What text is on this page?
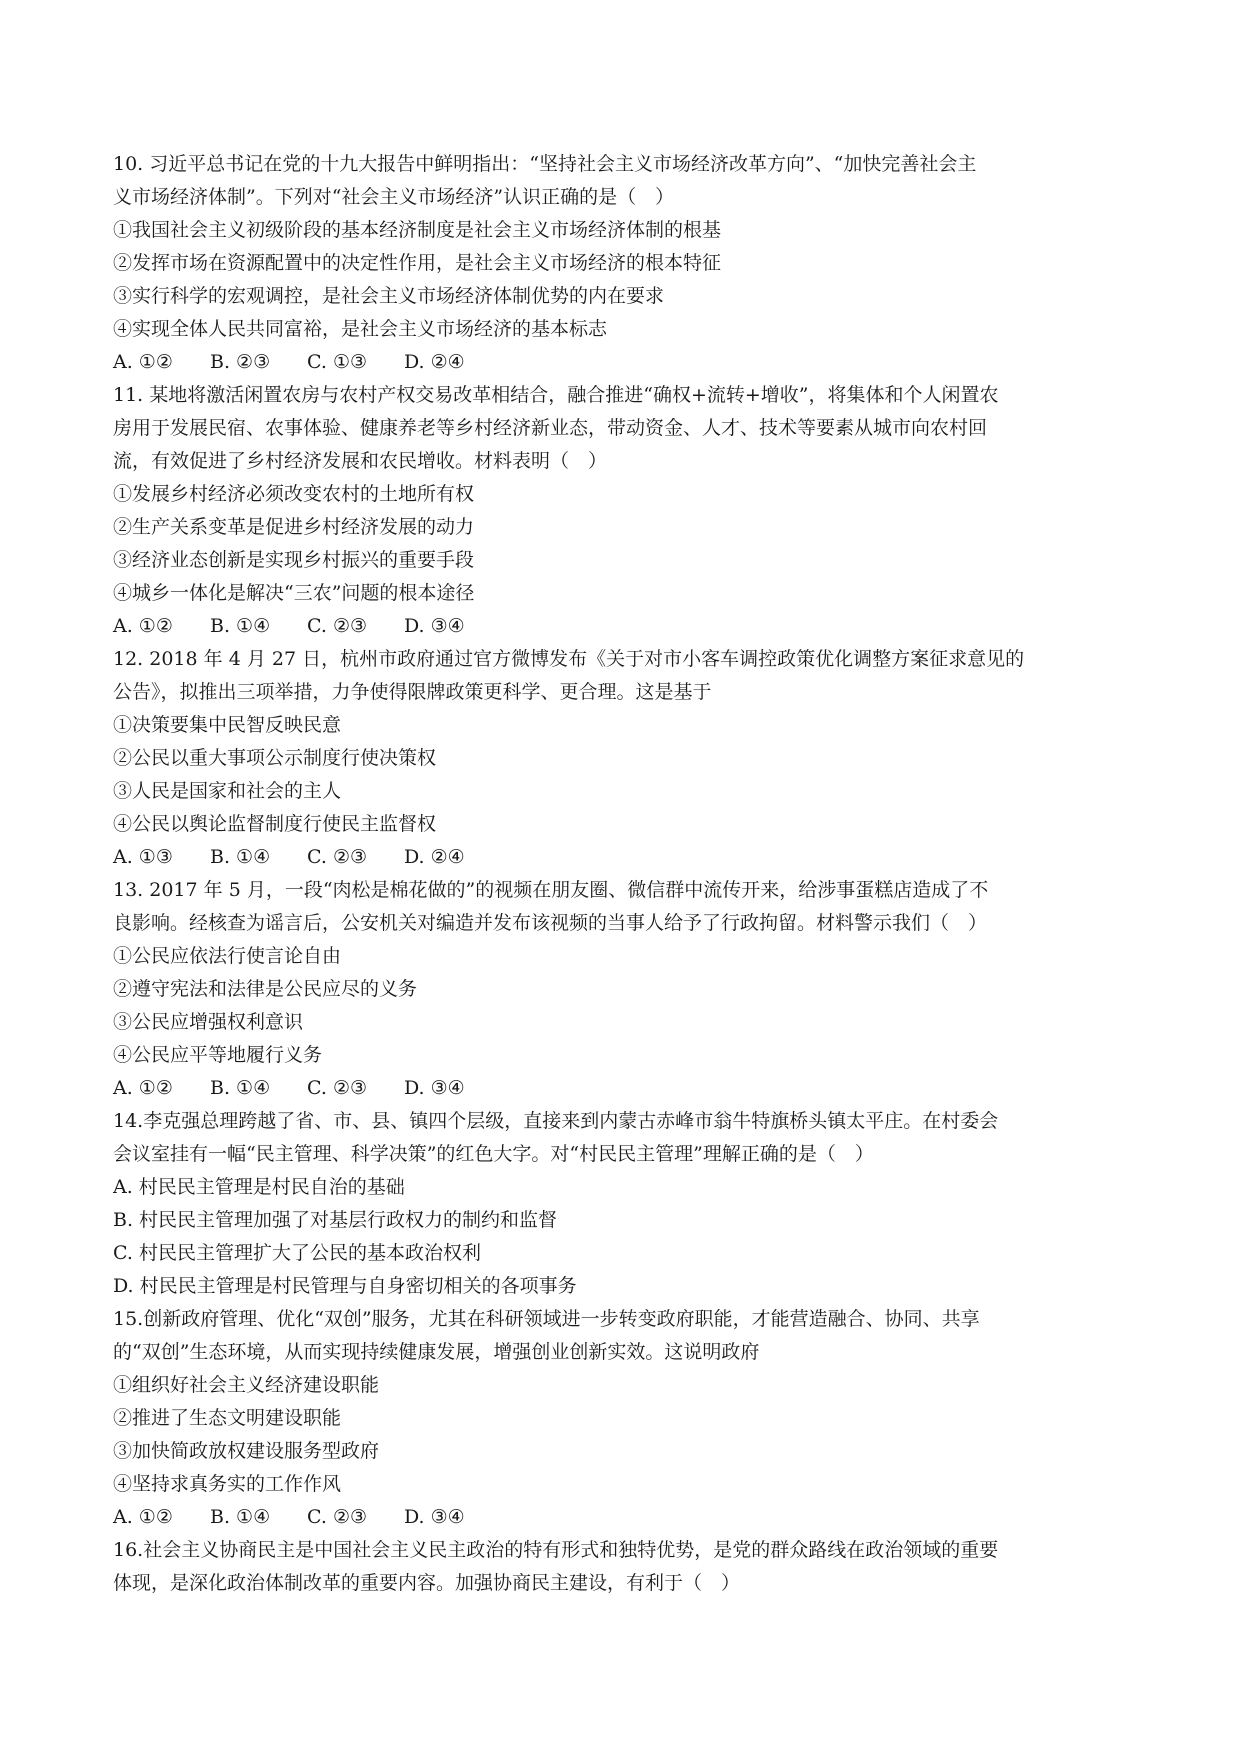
10. 习近平总书记在党的十九大报告中鲜明指出：“坚持社会主义市场经济改革方向”、“加快完善社会主
义市场经济体制”。下列对“社会主义市场经济”认识正确的是（　）
①我国社会主义初级阶段的基本经济制度是社会主义市场经济体制的根基
②发挥市场在资源配置中的决定性作用，是社会主义市场经济的根本特征
③实行科学的宏观调控，是社会主义市场经济体制优势的内在要求
④实现全体人民共同富裕，是社会主义市场经济的基本标志
A. ①②	B. ②③	C. ①③	D. ②④
11. 某地将激活闲置农房与农村产权交易改革相结合，融合推进“确权+流转+增收”，将集体和个人闲置农
房用于发展民宿、农事体验、健康养老等乡村经济新业态，带动资金、人才、技术等要素从城市向农村回
流，有效促进了乡村经济发展和农民增收。材料表明（　）
①发展乡村经济必须改变农村的土地所有权
②生产关系变革是促进乡村经济发展的动力
③经济业态创新是实现乡村振兴的重要手段
④城乡一体化是解决“三农”问题的根本途径
A. ①②	B. ①④	C. ②③	D. ③④
12. 2018 年 4 月 27 日，杭州市政府通过官方微博发布《关于对市小客车调控政策优化调整方案征求意见的
公告》，拟推出三项举措，力争使得限牌政策更科学、更合理。这是基于
①决策要集中民智反映民意
②公民以重大事项公示制度行使决策权
③人民是国家和社会的主人
④公民以舆论监督制度行使民主监督权
A. ①③	B. ①④	C. ②③	D. ②④
13. 2017 年 5 月，一段“肉松是棉花做的”的视频在朋友圈、微信群中流传开来，给涉事蛋糕店造成了不
良影响。经核查为谣言后，公安机关对编造并发布该视频的当事人给予了行政拘留。材料警示我们（　）
①公民应依法行使言论自由
②遵守宪法和法律是公民应尽的义务
③公民应增强权利意识
④公民应平等地履行义务
A. ①②	B. ①④	C. ②③	D. ③④
14.李克强总理跨越了省、市、县、镇四个层级，直接来到内蒙古赤峰市翁牛特旗桥头镇太平庄。在村委会
会议室挂有一幅“民主管理、科学决策”的红色大字。对“村民民主管理”理解正确的是（　）
A. 村民民主管理是村民自治的基础
B. 村民民主管理加强了对基层行政权力的制约和监督
C. 村民民主管理扩大了公民的基本政治权利
D. 村民民主管理是村民管理与自身密切相关的各项事务
15.创新政府管理、优化“双创”服务，尤其在科研领域进一步转变政府职能，才能营造融合、协同、共享
的“双创”生态环境，从而实现持续健康发展，增强创业创新实效。这说明政府
①组织好社会主义经济建设职能
②推进了生态文明建设职能
③加快简政放权建设服务型政府
④坚持求真务实的工作作风
A. ①②	B. ①④	C. ②③	D. ③④
16.社会主义协商民主是中国社会主义民主政治的特有形式和独特优势，是党的群众路线在政治领域的重要
体现，是深化政治体制改革的重要内容。加强协商民主建设，有利于（　）
